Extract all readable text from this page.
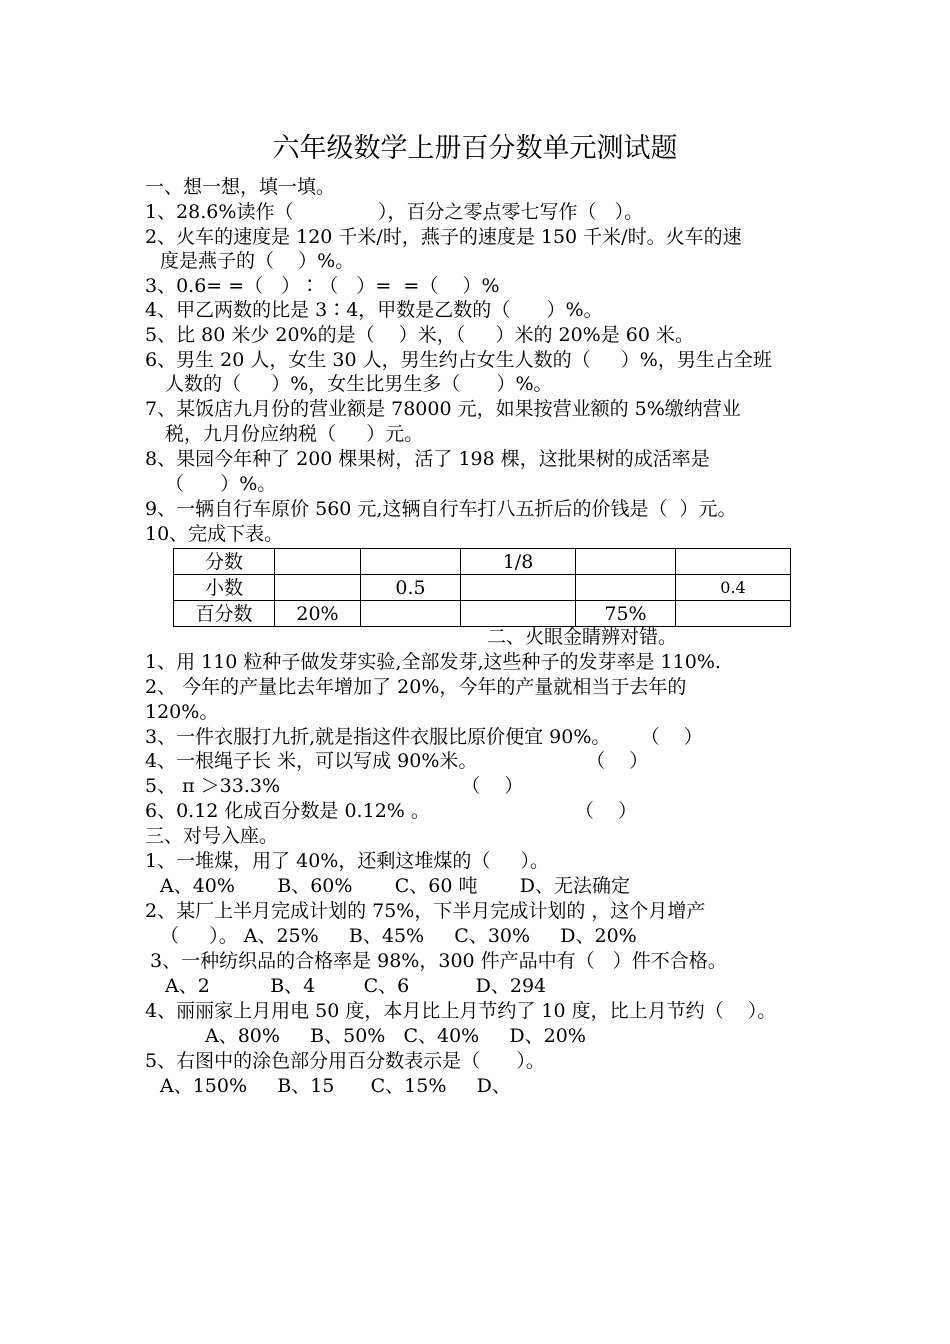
六年级数学上册百分数单元测试题
一、想一想，填一填。
1、28.6%读作（              ），百分之零点零七写作（   ）。
2、火车的速度是 120 千米/时，燕子的速度是 150 千米/时。火车的速
度是燕子的（    ）%。
3、0.6= =（   ）∶（   ）=  =（    ）%
4、甲乙两数的比是 3∶4，甲数是乙数的（      ）%。
5、比 80 米少 20%的是（    ）米，（     ）米的 20%是 60 米。
6、男生 20 人，女生 30 人，男生约占女生人数的（     ）%，男生占全班
人数的（     ）%，女生比男生多（      ）%。
7、某饭店九月份的营业额是 78000 元，如果按营业额的 5%缴纳营业
税，九月份应纳税（     ）元。
8、果园今年种了 200 棵果树，活了 198 棵，这批果树的成活率是
（      ）%。
9、一辆自行车原价 560 元,这辆自行车打八五折后的价钱是（  ）元。
10、完成下表。
分数			1/8		
小数		0.5			0.4
百分数	20%			75%	
二、火眼金睛辨对错。
1、用 110 粒种子做发芽实验,全部发芽,这些种子的发芽率是 110%.
2、 今年的产量比去年增加了 20%，今年的产量就相当于去年的
120%。
3、一件衣服打九折,就是指这件衣服比原价便宜 90%。     （    ）
4、一根绳子长 米，可以写成 90%米。                  （    ）
5、 π ＞33.3%                              （    ）
6、0.12 化成百分数是 0.12% 。                        （    ）
三、对号入座。
1、一堆煤，用了 40%，还剩这堆煤的（     ）。
A、40%       B、60%       C、60 吨       D、无法确定
2、某厂上半月完成计划的 75%，下半月完成计划的 ，这个月增产
（     ）。 A、25%     B、45%     C、30%     D、20%
3、一种纺织品的合格率是 98%，300 件产品中有（   ）件不合格。
A、2          B、4        C、6           D、294
4、丽丽家上月用电 50 度，本月比上月节约了 10 度，比上月节约（    ）。
A、80%     B、50%   C、40%     D、20%
5、右图中的涂色部分用百分数表示是（      ）。
A、150%     B、15      C、15%     D、
